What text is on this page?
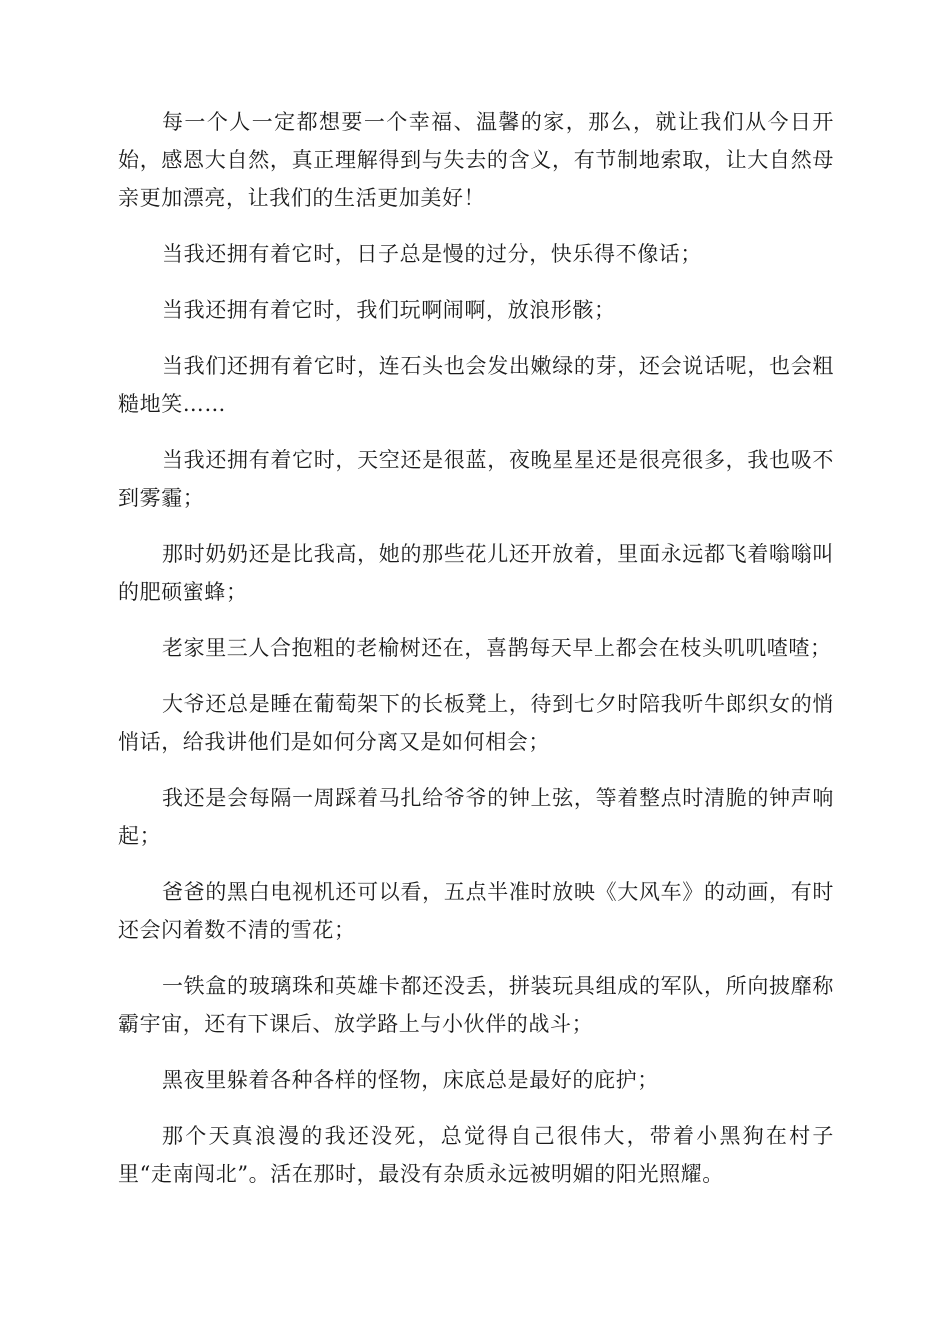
每一个人一定都想要一个幸福、温馨的家，那么，就让我们从今日开始，感恩大自然，真正理解得到与失去的含义，有节制地索取，让大自然母亲更加漂亮，让我们的生活更加美好！

当我还拥有着它时，日子总是慢的过分，快乐得不像话；

当我还拥有着它时，我们玩啊闹啊，放浪形骸；

当我们还拥有着它时，连石头也会发出嫩绿的芽，还会说话呢，也会粗糙地笑……

当我还拥有着它时，天空还是很蓝，夜晚星星还是很亮很多，我也吸不到雾霾；

那时奶奶还是比我高，她的那些花儿还开放着，里面永远都飞着嗡嗡叫的肥硕蜜蜂；

老家里三人合抱粗的老榆树还在，喜鹊每天早上都会在枝头叽叽喳喳；

大爷还总是睡在葡萄架下的长板凳上，待到七夕时陪我听牛郎织女的悄悄话，给我讲他们是如何分离又是如何相会；

我还是会每隔一周踩着马扎给爷爷的钟上弦，等着整点时清脆的钟声响起；

爸爸的黑白电视机还可以看，五点半准时放映《大风车》的动画，有时还会闪着数不清的雪花；

一铁盒的玻璃珠和英雄卡都还没丢，拼装玩具组成的军队，所向披靡称霸宇宙，还有下课后、放学路上与小伙伴的战斗；

黑夜里躲着各种各样的怪物，床底总是最好的庇护；

那个天真浪漫的我还没死，总觉得自己很伟大，带着小黑狗在村子里“走南闯北”。活在那时，最没有杂质永远被明媚的阳光照耀。
